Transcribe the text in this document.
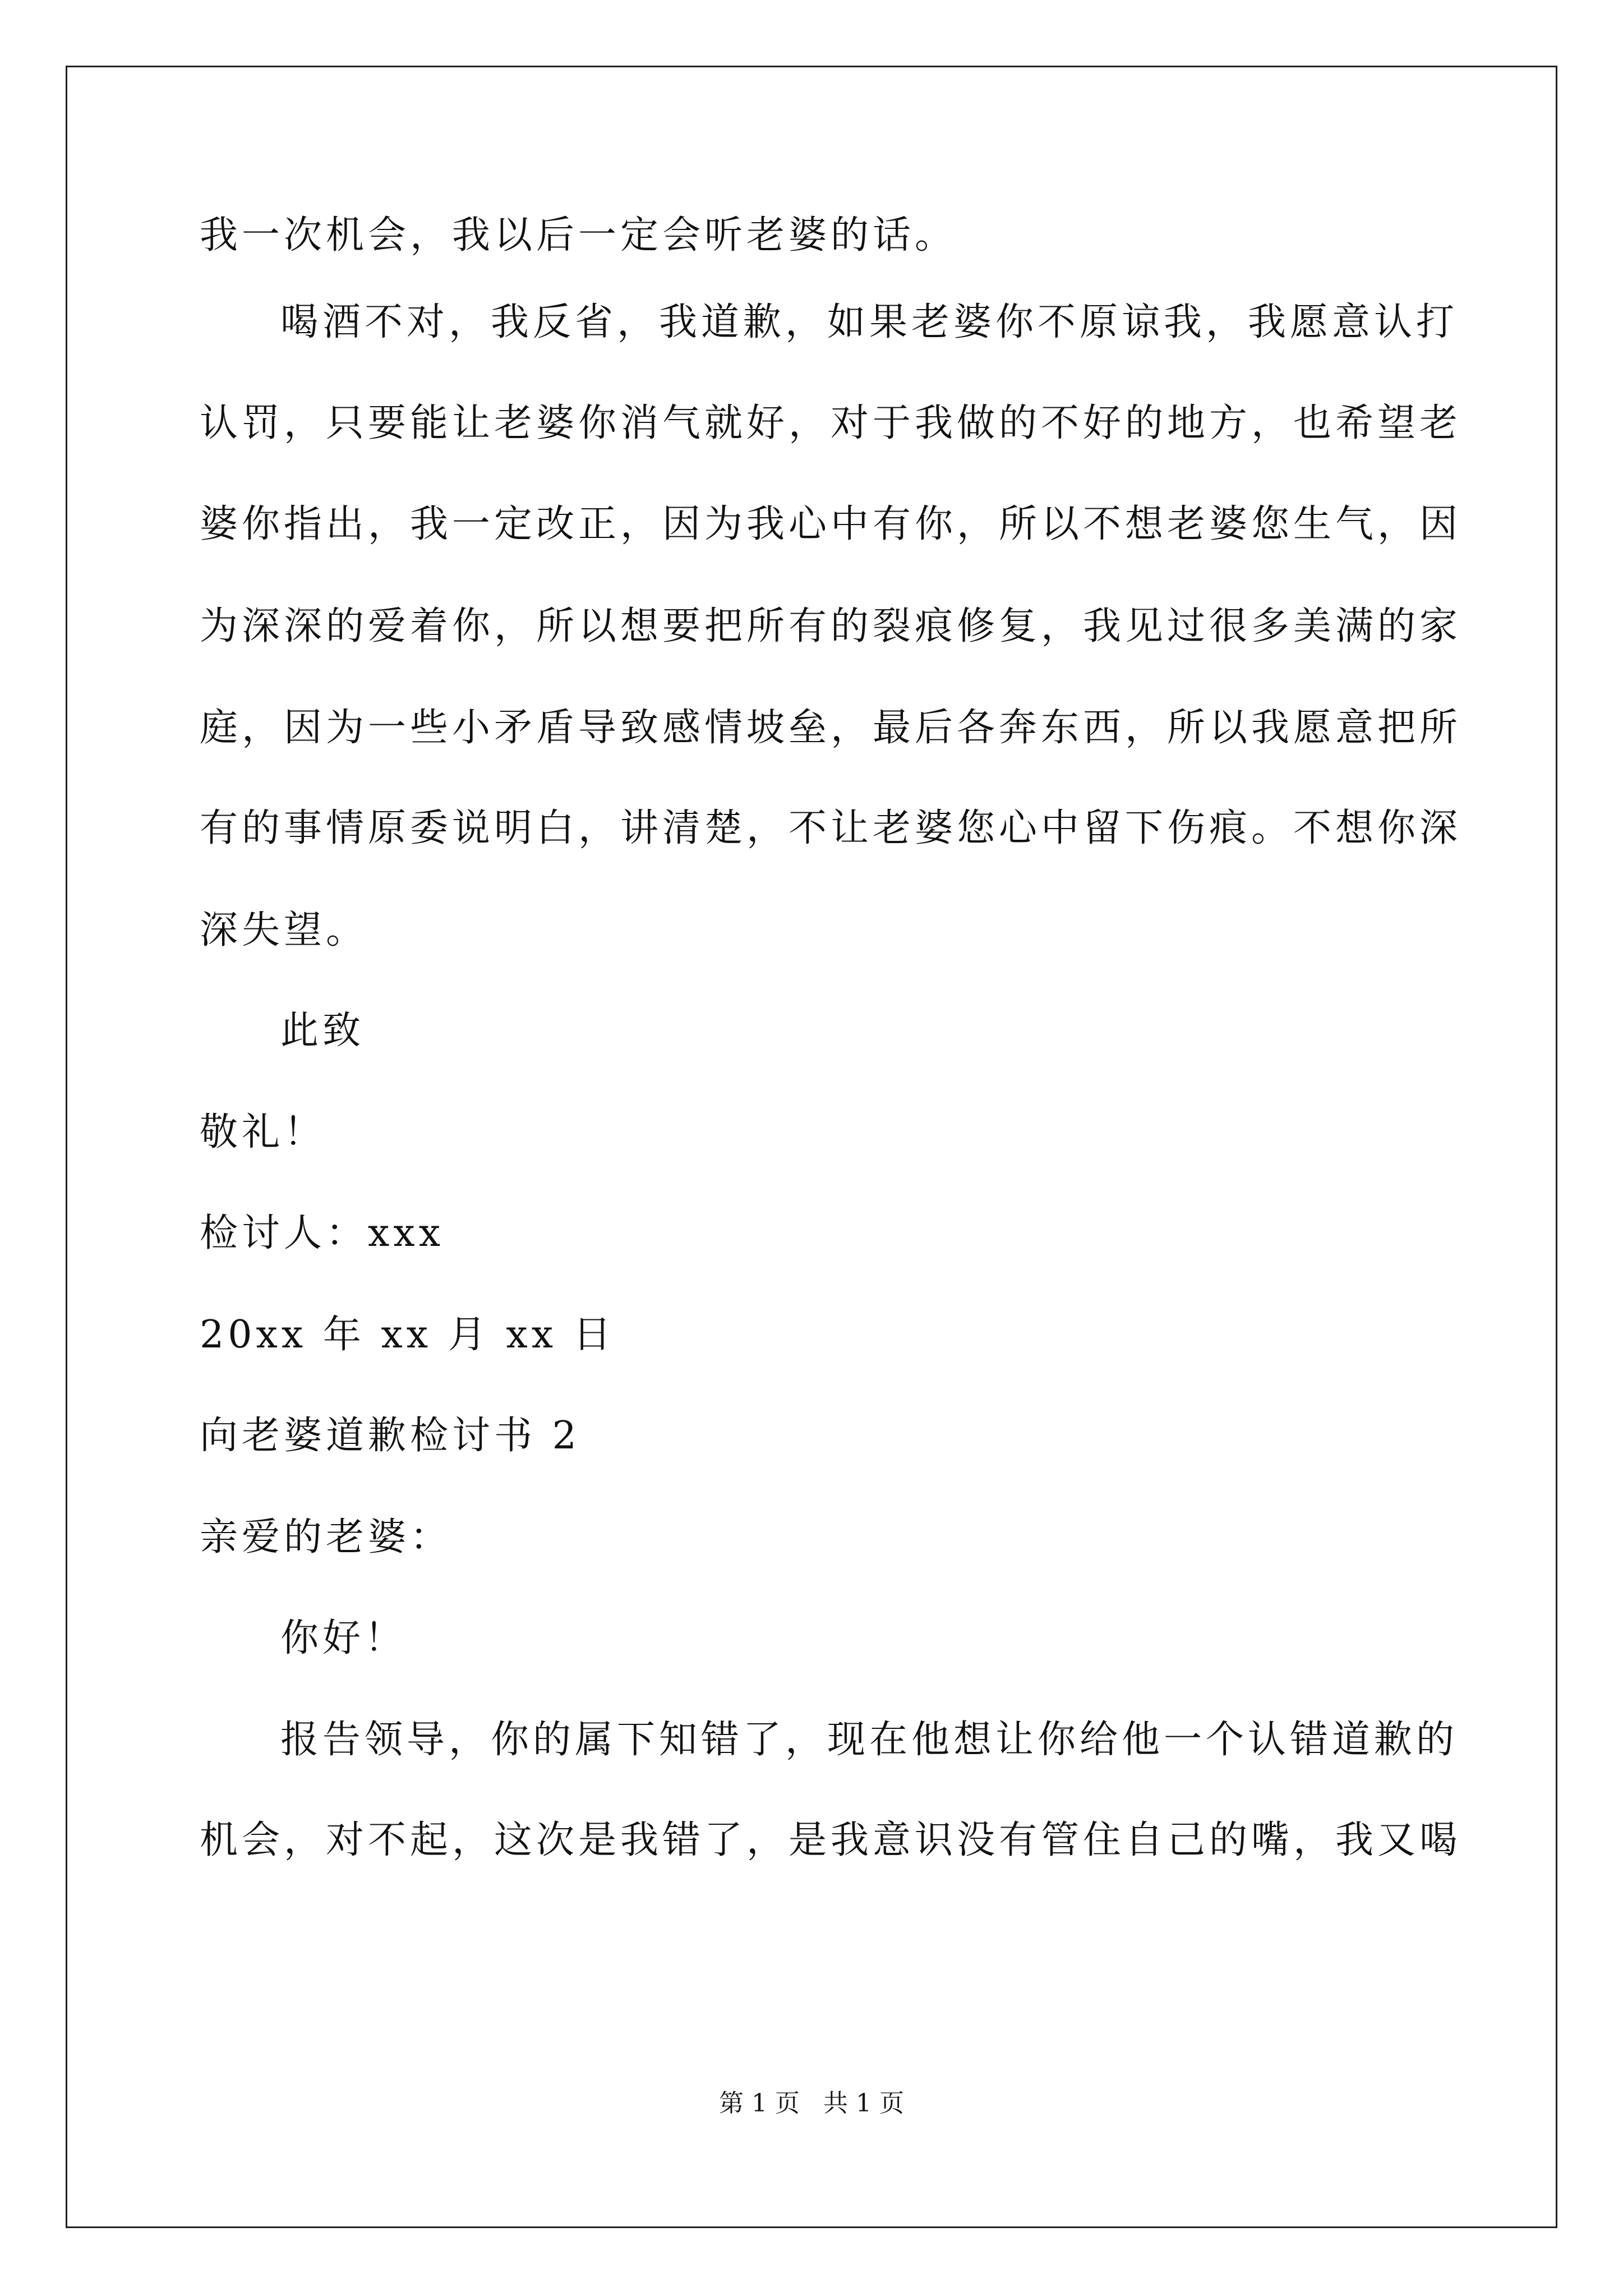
我一次机会，我以后一定会听老婆的话。
喝酒不对，我反省，我道歉，如果老婆你不原谅我，我愿意认打
认罚，只要能让老婆你消气就好，对于我做的不好的地方，也希望老
婆你指出，我一定改正，因为我心中有你，所以不想老婆您生气，因
为深深的爱着你，所以想要把所有的裂痕修复，我见过很多美满的家
庭，因为一些小矛盾导致感情坡垒，最后各奔东西，所以我愿意把所
有的事情原委说明白，讲清楚，不让老婆您心中留下伤痕。不想你深
深失望。
此致
敬礼！
检讨人：xxx
20xx 年 xx 月 xx 日
向老婆道歉检讨书 2
亲爱的老婆：
你好！
报告领导，你的属下知错了，现在他想让你给他一个认错道歉的
机会，对不起，这次是我错了，是我意识没有管住自己的嘴，我又喝
第 1 页   共 1 页
